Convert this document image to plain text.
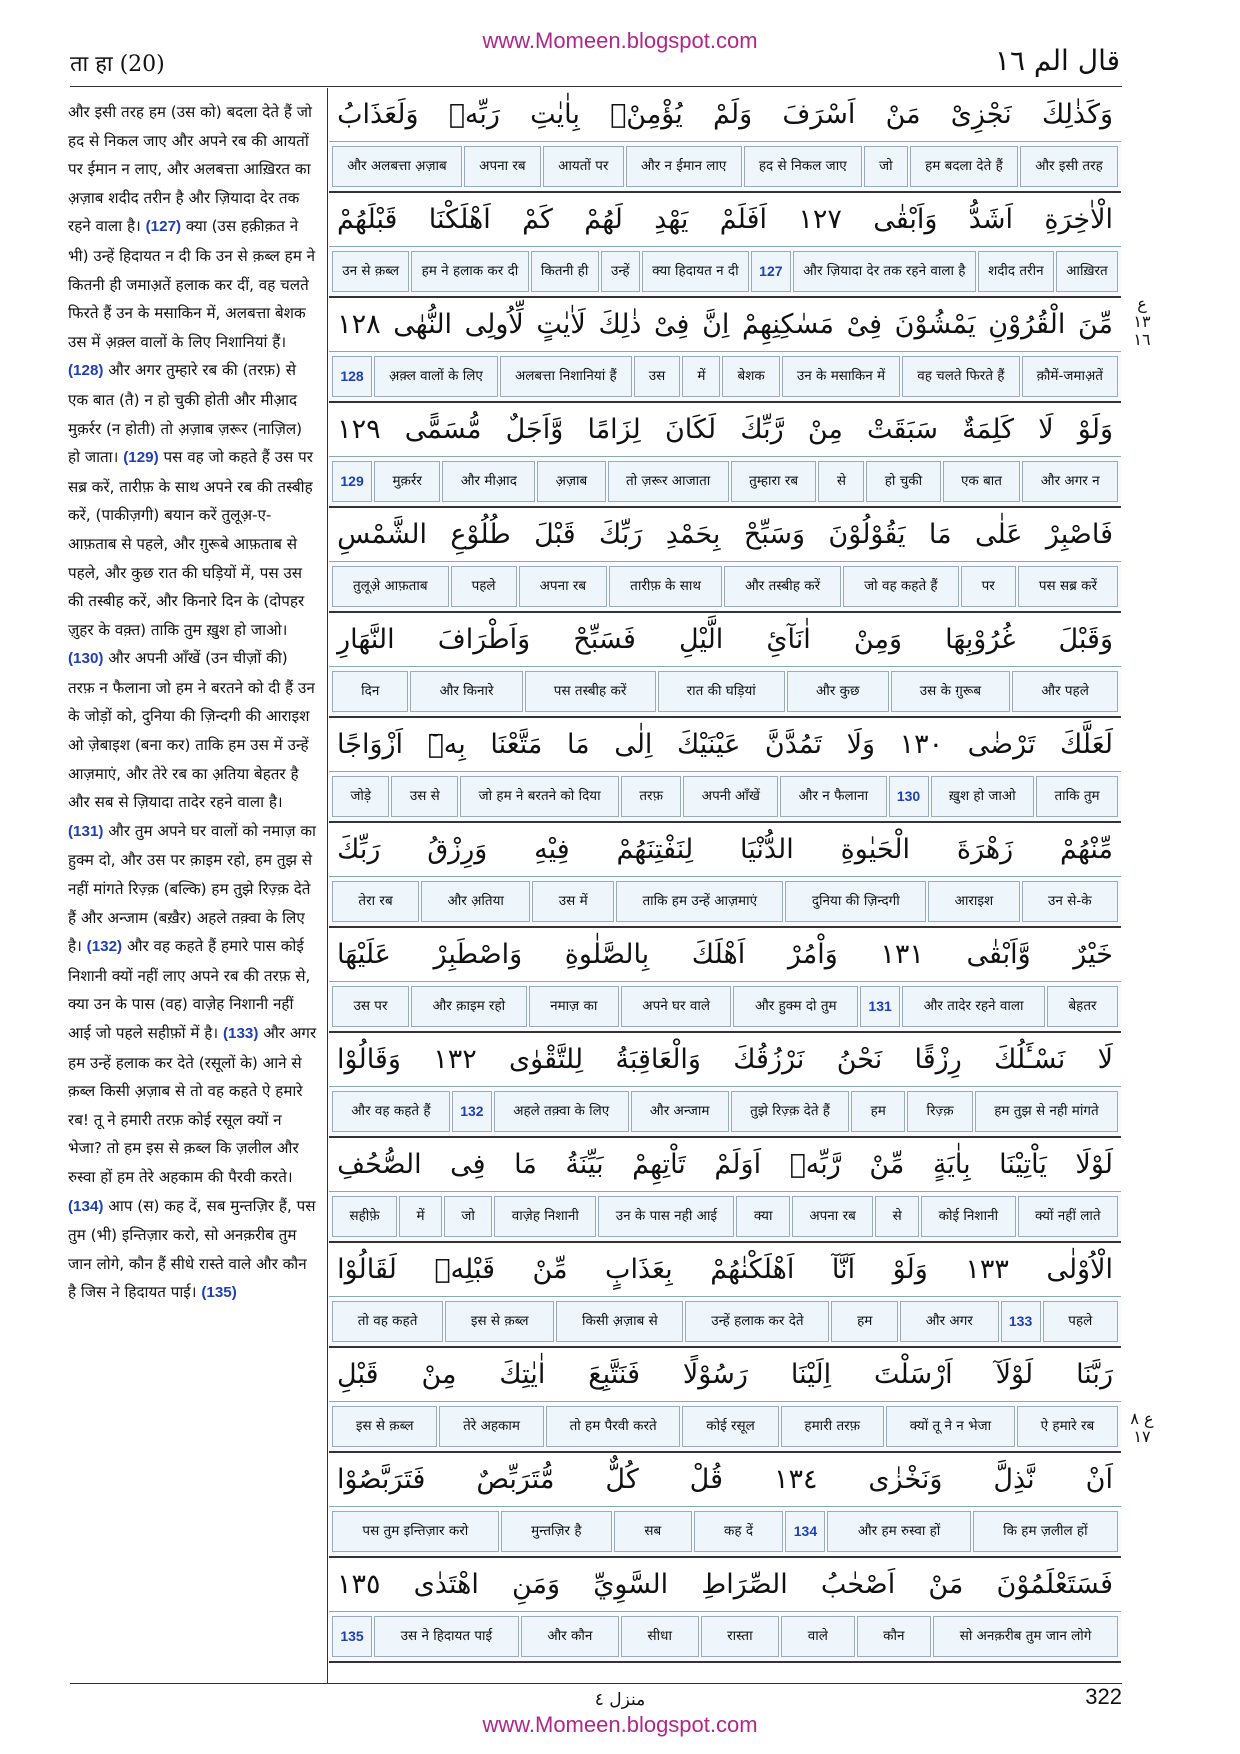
www.Momeen.blogspot.com
ता हा (20)	قال الم ١٦
और इसी तरह हम (उस को) बदला देते हैं जो हद से निकल जाए और अपने रब की आयतों पर ईमान न लाए, और अलबत्ता आख़िरत का अ़ज़ाब शदीद तरीन है और ज़ियादा देर तक रहने वाला है। (127) क्या (उस हक़ीक़त ने भी) उन्हें हिदायत न दी कि उन से क़ब्ल हम ने कितनी ही जमाअ़तें हलाक कर दीं, वह चलते फिरते हैं उन के मसाकिन में, अलबत्ता बेशक उस में अ़क़्ल वालों के लिए निशानियां हैं। (128) और अगर तुम्हारे रब की (तरफ़) से एक बात (तै) न हो चुकी होती और मीआ़द मुक़र्रर (न होती) तो अ़ज़ाब ज़रूर (नाज़िल) हो जाता। (129) पस वह जो कहते हैं उस पर सब्र करें, तारीफ़ के साथ अपने रब की तस्बीह करें, (पाकीज़गी) बयान करें तुलूअ़-ए-आफ़ताब से पहले, और ग़ुरूबे आफ़ताब से पहले, और कुछ रात की घड़ियों में, पस उस की तस्बीह करें, और किनारे दिन के (दोपहर ज़ुहर के वक़्त) ताकि तुम ख़ुश हो जाओ। (130) और अपनी आँखें (उन चीज़ों की) तरफ़ न फैलाना जो हम ने बरतने को दी हैं उन के जोड़ों को, दुनिया की ज़िन्दगी की आराइश ओ ज़ेबाइश (बना कर) ताकि हम उस में उन्हें आज़माएं, और तेरे रब का अ़तिया बेहतर है और सब से ज़ियादा तादेर रहने वाला है। (131) और तुम अपने घर वालों को नमाज़ का हुक्म दो, और उस पर क़ाइम रहो, हम तुझ से नहीं मांगते रिज़्क़ (बल्कि) हम तुझे रिज़्क़ देते हैं और अन्जाम (बख़ैर) अहले तक़्वा के लिए है। (132) और वह कहते हैं हमारे पास कोई निशानी क्यों नहीं लाए अपने रब की तरफ़ से, क्या उन के पास (वह) वाज़ेह निशानी नहीं आई जो पहले सहीफ़ों में है। (133) और अगर हम उन्हें हलाक कर देते (रसूलों के) आने से क़ब्ल किसी अ़ज़ाब से तो वह कहते ऐ हमारे रब! तू ने हमारी तरफ़ कोई रसूल क्यों न भेजा? तो हम इस से क़ब्ल कि ज़लील और रुस्वा हों हम तेरे अहकाम की पैरवी करते। (134) आप (स) कह दें, सब मुन्तज़िर हैं, पस तुम (भी) इन्तिज़ार करो, सो अनक़रीब तुम जान लोगे, कौन हैं सीधे रास्ते वाले और कौन है जिस ने हिदायत पाई। (135)
وَكَذٰلِكَ
نَجْزِىْ
مَنْ
اَسْرَفَ
وَلَمْ
يُؤْمِنْۢ
بِاٰيٰتِ
رَبِّهٖ
وَلَعَذَابُ
और इसी तरह
हम बदला देते हैं
जो
हद से निकल जाए
और न ईमान लाए
आयतों पर
अपना रब
और अलबत्ता अ़ज़ाब
الْاٰخِرَةِ
اَشَدُّ
وَاَبْقٰى
١٢٧
اَفَلَمْ
يَهْدِ
لَهُمْ
كَمْ
اَهْلَكْنَا
قَبْلَهُمْ
आख़िरत
शदीद तरीन
और ज़ियादा देर तक रहने वाला है
127
क्या हिदायत न दी
उन्हें
कितनी ही
हम ने हलाक कर दी
उन से क़ब्ल
مِّنَ
الْقُرُوْنِ
يَمْشُوْنَ
فِىْ
مَسٰكِنِهِمْ
اِنَّ
فِىْ
ذٰلِكَ
لَاٰيٰتٍ
لِّاُولِى
النُّهٰى
١٢٨
क़ौमें-जमाअ़तें
वह चलते फिरते हैं
उन के मसाकिन में
बेशक
में
उस
अलबत्ता निशानियां हैं
अ़क़्ल वालों के लिए
128
وَلَوْ
لَا
كَلِمَةٌ
سَبَقَتْ
مِنْ
رَّبِّكَ
لَكَانَ
لِزَامًا
وَّاَجَلٌ
مُّسَمًّى
١٢٩
और अगर न
एक बात
हो चुकी
से
तुम्हारा रब
तो ज़रूर आजाता
अ़ज़ाब
और मीआ़द
मुक़र्रर
129
فَاصْبِرْ
عَلٰى
مَا
يَقُوْلُوْنَ
وَسَبِّحْ
بِحَمْدِ
رَبِّكَ
قَبْلَ
طُلُوْعِ
الشَّمْسِ
पस सब्र करें
पर
जो वह कहते हैं
और तस्बीह करें
तारीफ़ के साथ
अपना रब
पहले
तुलूअ़े आफ़ताब
وَقَبْلَ
غُرُوْبِهَا
وَمِنْ
اٰنَآئِ
الَّيْلِ
فَسَبِّحْ
وَاَطْرَافَ
النَّهَارِ
और पहले
उस के ग़ुरूब
और कुछ
रात की घड़ियां
पस तस्बीह करें
और किनारे
दिन
لَعَلَّكَ
تَرْضٰى
١٣٠
وَلَا
تَمُدَّنَّ
عَيْنَيْكَ
اِلٰى
مَا
مَتَّعْنَا
بِهٖٓ
اَزْوَاجًا
ताकि तुम
ख़ुश हो जाओ
130
और न फैलाना
अपनी आँखें
तरफ़
जो हम ने बरतने को दिया
उस से
जोड़े
مِّنْهُمْ
زَهْرَةَ
الْحَيٰوةِ
الدُّنْيَا
لِنَفْتِنَهُمْ
فِيْهِ
وَرِزْقُ
رَبِّكَ
उन से-के
आराइश
दुनिया की ज़िन्दगी
ताकि हम उन्हें आज़माएं
उस में
और अ़तिया
तेरा रब
خَيْرٌ
وَّاَبْقٰى
١٣١
وَاْمُرْ
اَهْلَكَ
بِالصَّلٰوةِ
وَاصْطَبِرْ
عَلَيْهَا
बेहतर
और तादेर रहने वाला
131
और हुक्म दो तुम
अपने घर वाले
नमाज़ का
और क़ाइम रहो
उस पर
لَا
نَسْـَٔلُكَ
رِزْقًا
نَحْنُ
نَرْزُقُكَ
وَالْعَاقِبَةُ
لِلتَّقْوٰى
١٣٢
وَقَالُوْا
हम तुझ से नही मांगते
रिज़्क़
हम
तुझे रिज़्क़ देते हैं
और अन्जाम
अहले तक़्वा के लिए
132
और वह कहते हैं
لَوْلَا
يَاْتِيْنَا
بِاٰيَةٍ
مِّنْ
رَّبِّهٖ
اَوَلَمْ
تَاْتِهِمْ
بَيِّنَةُ
مَا
فِى
الصُّحُفِ
क्यों नहीं लाते
कोई निशानी
से
अपना रब
क्या
उन के पास नही आई
वाज़ेह निशानी
जो
में
सहीफ़े
الْاُوْلٰى
١٣٣
وَلَوْ
اَنَّآ
اَهْلَكْنٰهُمْ
بِعَذَابٍ
مِّنْ
قَبْلِهٖ
لَقَالُوْا
पहले
133
और अगर
हम
उन्हें हलाक कर देते
किसी अ़ज़ाब से
इस से क़ब्ल
तो वह कहते
رَبَّنَا
لَوْلَآ
اَرْسَلْتَ
اِلَيْنَا
رَسُوْلًا
فَنَتَّبِعَ
اٰيٰتِكَ
مِنْ
قَبْلِ
ऐ हमारे रब
क्यों तू ने न भेजा
हमारी तरफ़
कोई रसूल
तो हम पैरवी करते
तेरे अहकाम
इस से क़ब्ल
اَنْ
نَّذِلَّ
وَنَخْزٰى
١٣٤
قُلْ
كُلٌّ
مُّتَرَبِّصٌ
فَتَرَبَّصُوْا
कि हम ज़लील हों
और हम रुस्वा हों
134
कह दें
सब
मुन्तज़िर है
पस तुम इन्तिज़ार करो
فَسَتَعْلَمُوْنَ
مَنْ
اَصْحٰبُ
الصِّرَاطِ
السَّوِيِّ
وَمَنِ
اهْتَدٰى
١٣٥
सो अनक़रीब तुम जान लोगे
कौन
वाले
रास्ता
सीधा
और कौन
उस ने हिदायत पाई
135
ع ١٣ ١٦
ع ٨ ١٧
منزل ٤	322
www.Momeen.blogspot.com
